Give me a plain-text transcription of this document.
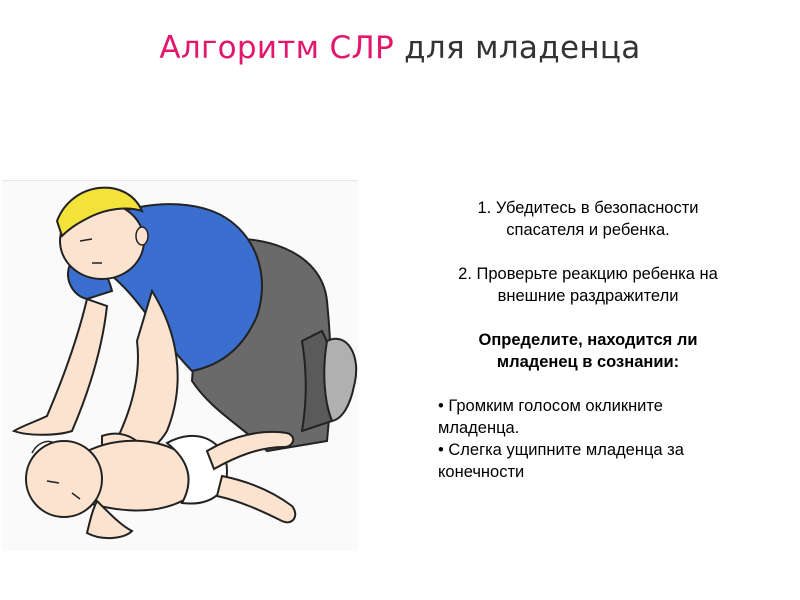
Алгоритм СЛР для младенца

1. Убедитесь в безопасности спасателя и ребенка.

2. Проверьте реакцию ребенка на внешние раздражители

Определите, находится ли младенец в сознании:

• Громким голосом окликните младенца.

• Слегка ущипните младенца за конечности
